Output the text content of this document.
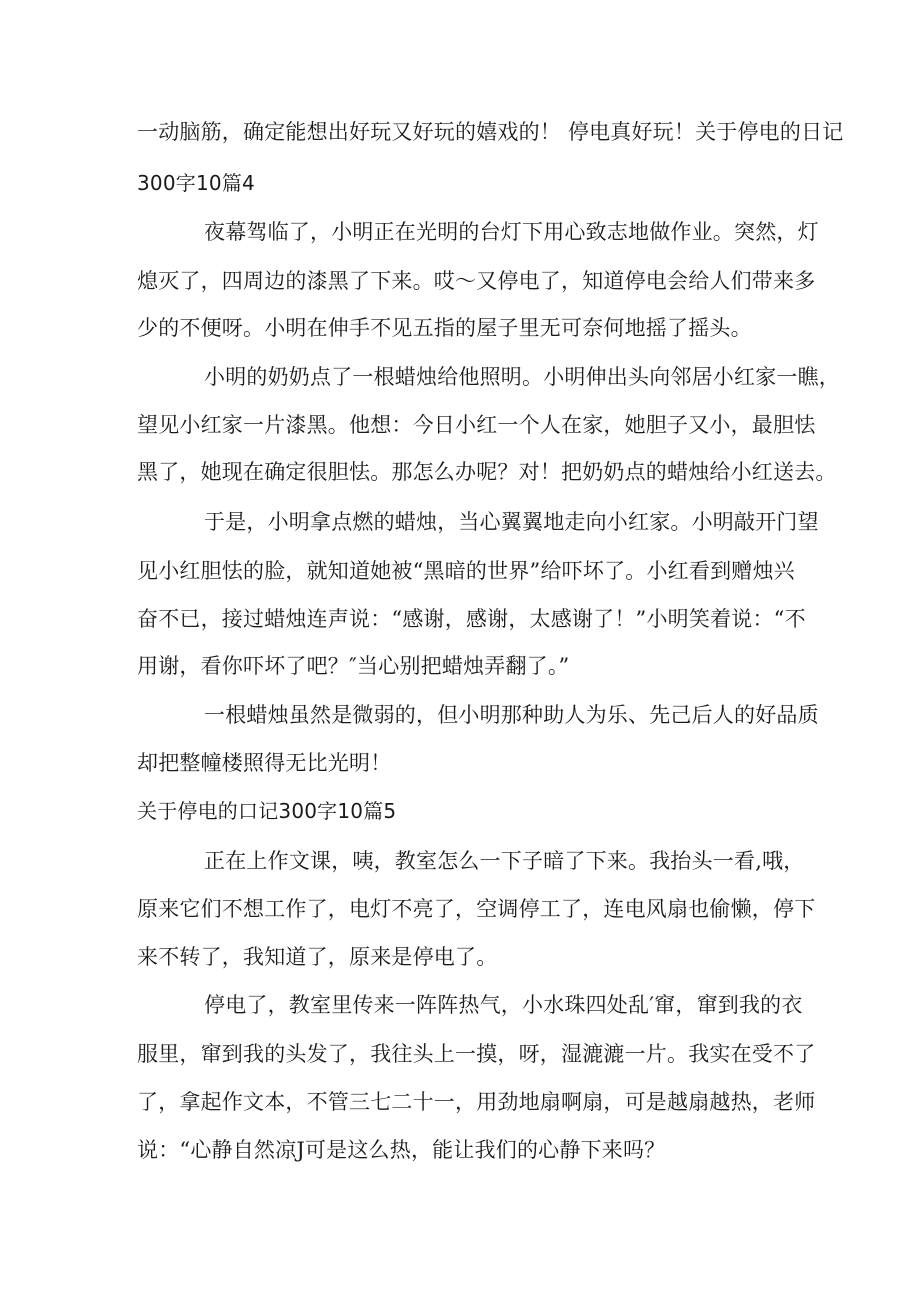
一动脑筋，确定能想出好玩又好玩的嬉戏的！ 停电真好玩！关于停电的日记
300字10篇4
夜幕驾临了，小明正在光明的台灯下用心致志地做作业。突然，灯
熄灭了，四周边的漆黑了下来。哎～又停电了，知道停电会给人们带来多
少的不便呀。小明在伸手不见五指的屋子里无可奈何地摇了摇头。
小明的奶奶点了一根蜡烛给他照明。小明伸出头向邻居小红家一瞧，
望见小红家一片漆黑。他想：今日小红一个人在家，她胆子又小，最胆怯
黑了，她现在确定很胆怯。那怎么办呢？对！把奶奶点的蜡烛给小红送去。
于是，小明拿点燃的蜡烛，当心翼翼地走向小红家。小明敲开门望
见小红胆怯的脸，就知道她被“黑暗的世界”给吓坏了。小红看到赠烛兴
奋不已，接过蜡烛连声说：“感谢，感谢，太感谢了！”小明笑着说：“不
用谢，看你吓坏了吧？″当心别把蜡烛弄翻了。”
一根蜡烛虽然是微弱的，但小明那种助人为乐、先己后人的好品质
却把整幢楼照得无比光明！
关于停电的口记300字10篇5
正在上作文课，咦，教室怎么一下子暗了下来。我抬头一看,哦，
原来它们不想工作了，电灯不亮了，空调停工了，连电风扇也偷懒，停下
来不转了，我知道了，原来是停电了。
停电了，教室里传来一阵阵热气，小水珠四处乱′窜，窜到我的衣
服里，窜到我的头发了，我往头上一摸，呀，湿漉漉一片。我实在受不了
了，拿起作文本，不管三七二十一，用劲地扇啊扇，可是越扇越热，老师
说：“心静自然凉J可是这么热，能让我们的心静下来吗？
